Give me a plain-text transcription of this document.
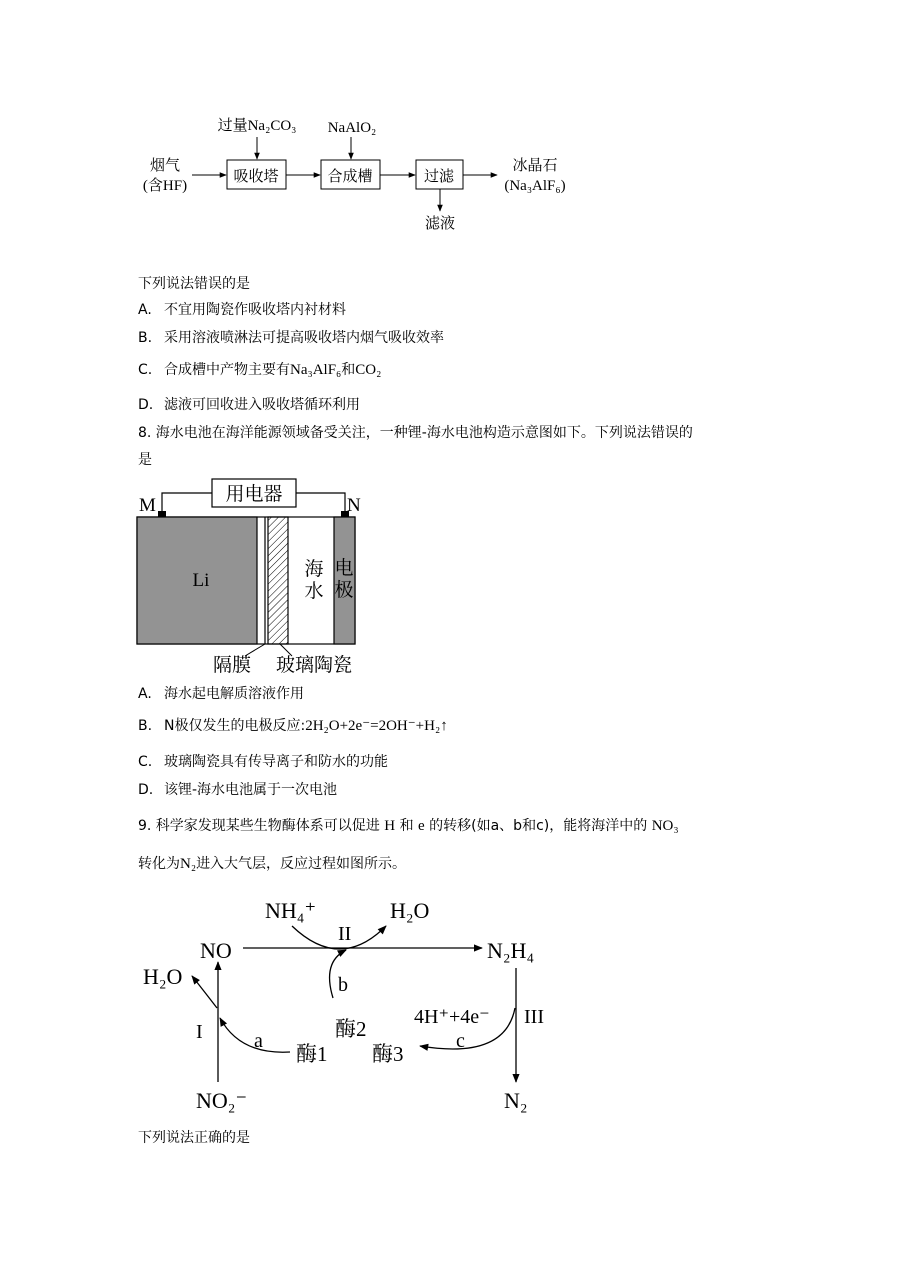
烟气
(含HF)
吸收塔	合成槽	过滤
过量Na₂CO₃ NaAlO₂
滤液
冰晶石
(Na₃AlF₆)
下列说法错误的是
A. 不宜用陶瓷作吸收塔内衬材料
B. 采用溶液喷淋法可提高吸收塔内烟气吸收效率
C. 合成槽中产物主要有Na₃AlF₆和CO₂
D. 滤液可回收进入吸收塔循环利用
8. 海水电池在海洋能源领域备受关注，一种锂-海水电池构造示意图如下。下列说法错误的
是
用电器
M	N
Li
海
水
电
极
隔膜 玻璃陶瓷
A. 海水起电解质溶液作用
B. N极仅发生的电极反应:2H₂O+2e⁻=2OH⁻+H₂↑
C. 玻璃陶瓷具有传导离子和防水的功能
D. 该锂-海水电池属于一次电池
9. 科学家发现某些生物酶体系可以促进 H 和 e 的转移(如a、b和c)，能将海洋中的 NO₃
转化为N₂进入大气层，反应过程如图所示。
NO	N₂H₄
NH₄⁺	H₂O
H₂O
II
I
III
b
a	c
酶2
酶1 酶3
4H⁺+4e⁻
NO₂⁻	N₂
下列说法正确的是
